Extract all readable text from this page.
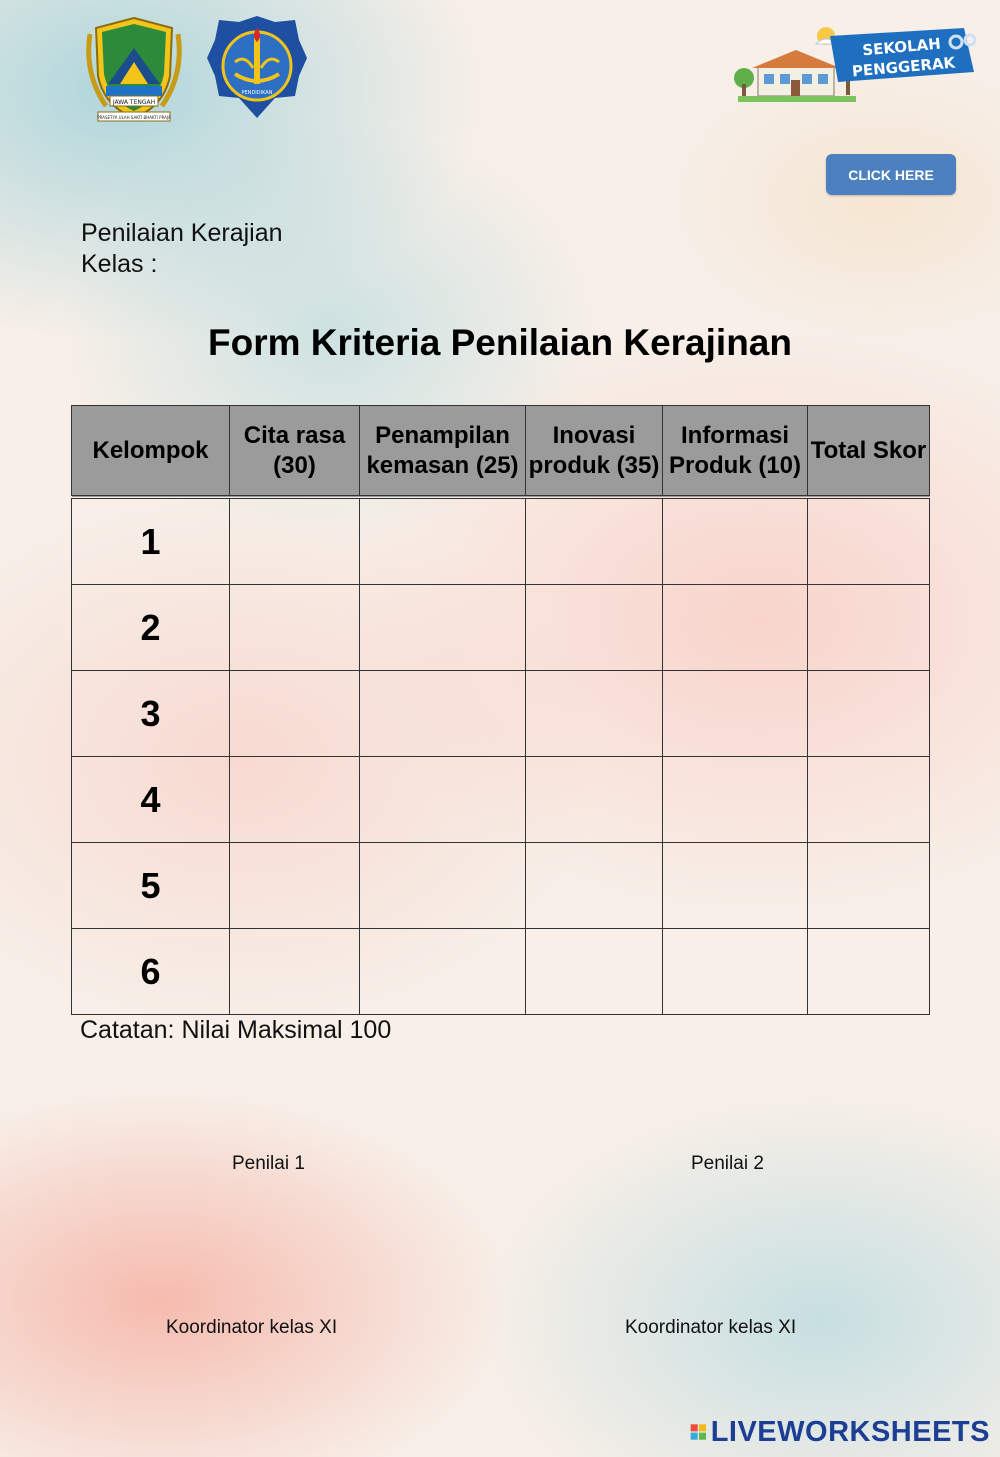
JAWA TENGAH
PRASETYA ULAH SAKTI BHAKTI PRAJA
PENDIDIKAN
SEKOLAH
PENGGERAK
CLICK HERE
Penilaian Kerajian
Kelas :
Form Kriteria Penilaian Kerajinan
Kelompok	Cita rasa (30)	Penampilan kemasan (25)	Inovasi produk (35)	Informasi Produk (10)	Total Skor
1					
2					
3					
4					
5					
6					
Catatan: Nilai Maksimal 100
Penilai 1	Penilai 2
Koordinator kelas XI	Koordinator kelas XI
LIVEWORKSHEETS
